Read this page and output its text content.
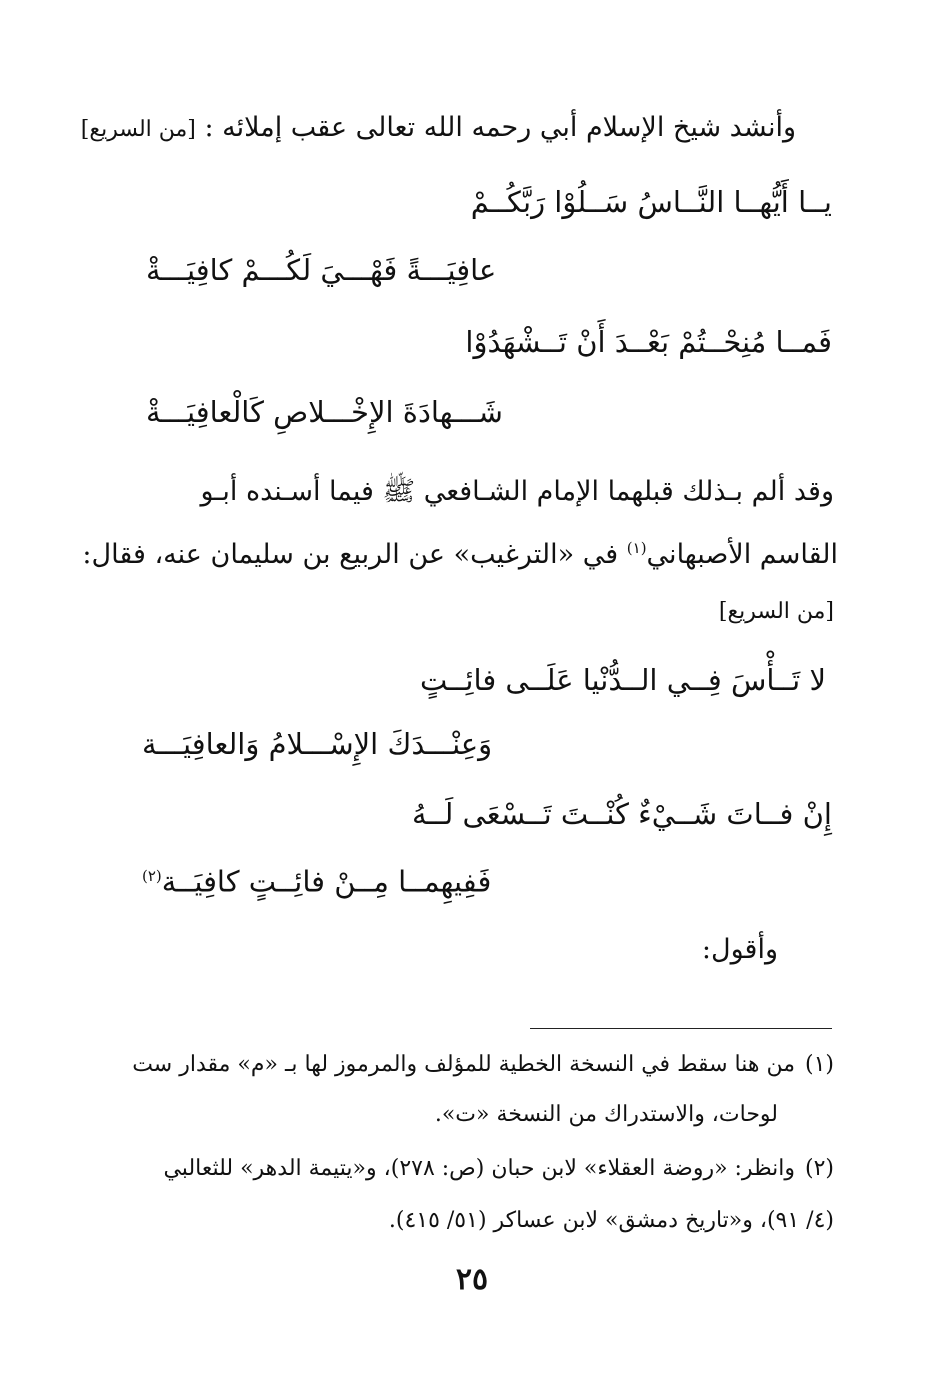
وأنشد شيخ الإسلام أبي رحمه الله تعالى عقب إملائه : [من السريع]
يــا أَيُّهــا النَّــاسُ سَــلُوْا رَبَّكُــمْ
عافِيَـــةً فَهْـــيَ لَكُـــمْ كافِيَـــةْ
فَمــا مُنِحْــتُمْ بَعْــدَ أَنْ تَــشْهَدُوْا
شَـــهادَةَ الإِخْـــلاصِ كَالْعافِيَـــةْ
وقد ألم بـذلك قبلهما الإمام الشـافعي ﷺ فيما أسـنده أبـو
القاسم الأصبهاني$^{(١)}$ في «الترغيب» عن الربيع بن سليمان عنه، فقال:
[من السريع]
لا تَــأْسَ فِــي الــدُّنْيا عَلَــى فائِــتٍ
وَعِنْـــدَكَ الإِسْـــلامُ وَالعافِيَـــة
إِنْ فــاتَ شَــيْءٌ كُنْــتَ تَــسْعَى لَــهُ
فَفِيهِمــا مِــنْ فائِــتٍ كافِيَــة$^{(٢)}$
وأقول:
(١)من هنا سقط في النسخة الخطية للمؤلف والمرموز لها بـ «م» مقدار ست
لوحات، والاستدراك من النسخة «ت».
(٢)وانظر: «روضة العقلاء» لابن حبان (ص: ٢٧٨)، و«يتيمة الدهر» للثعالبي
(٤/ ٩١)، و«تاريخ دمشق» لابن عساكر (٥١/ ٤١٥).
٢٥
